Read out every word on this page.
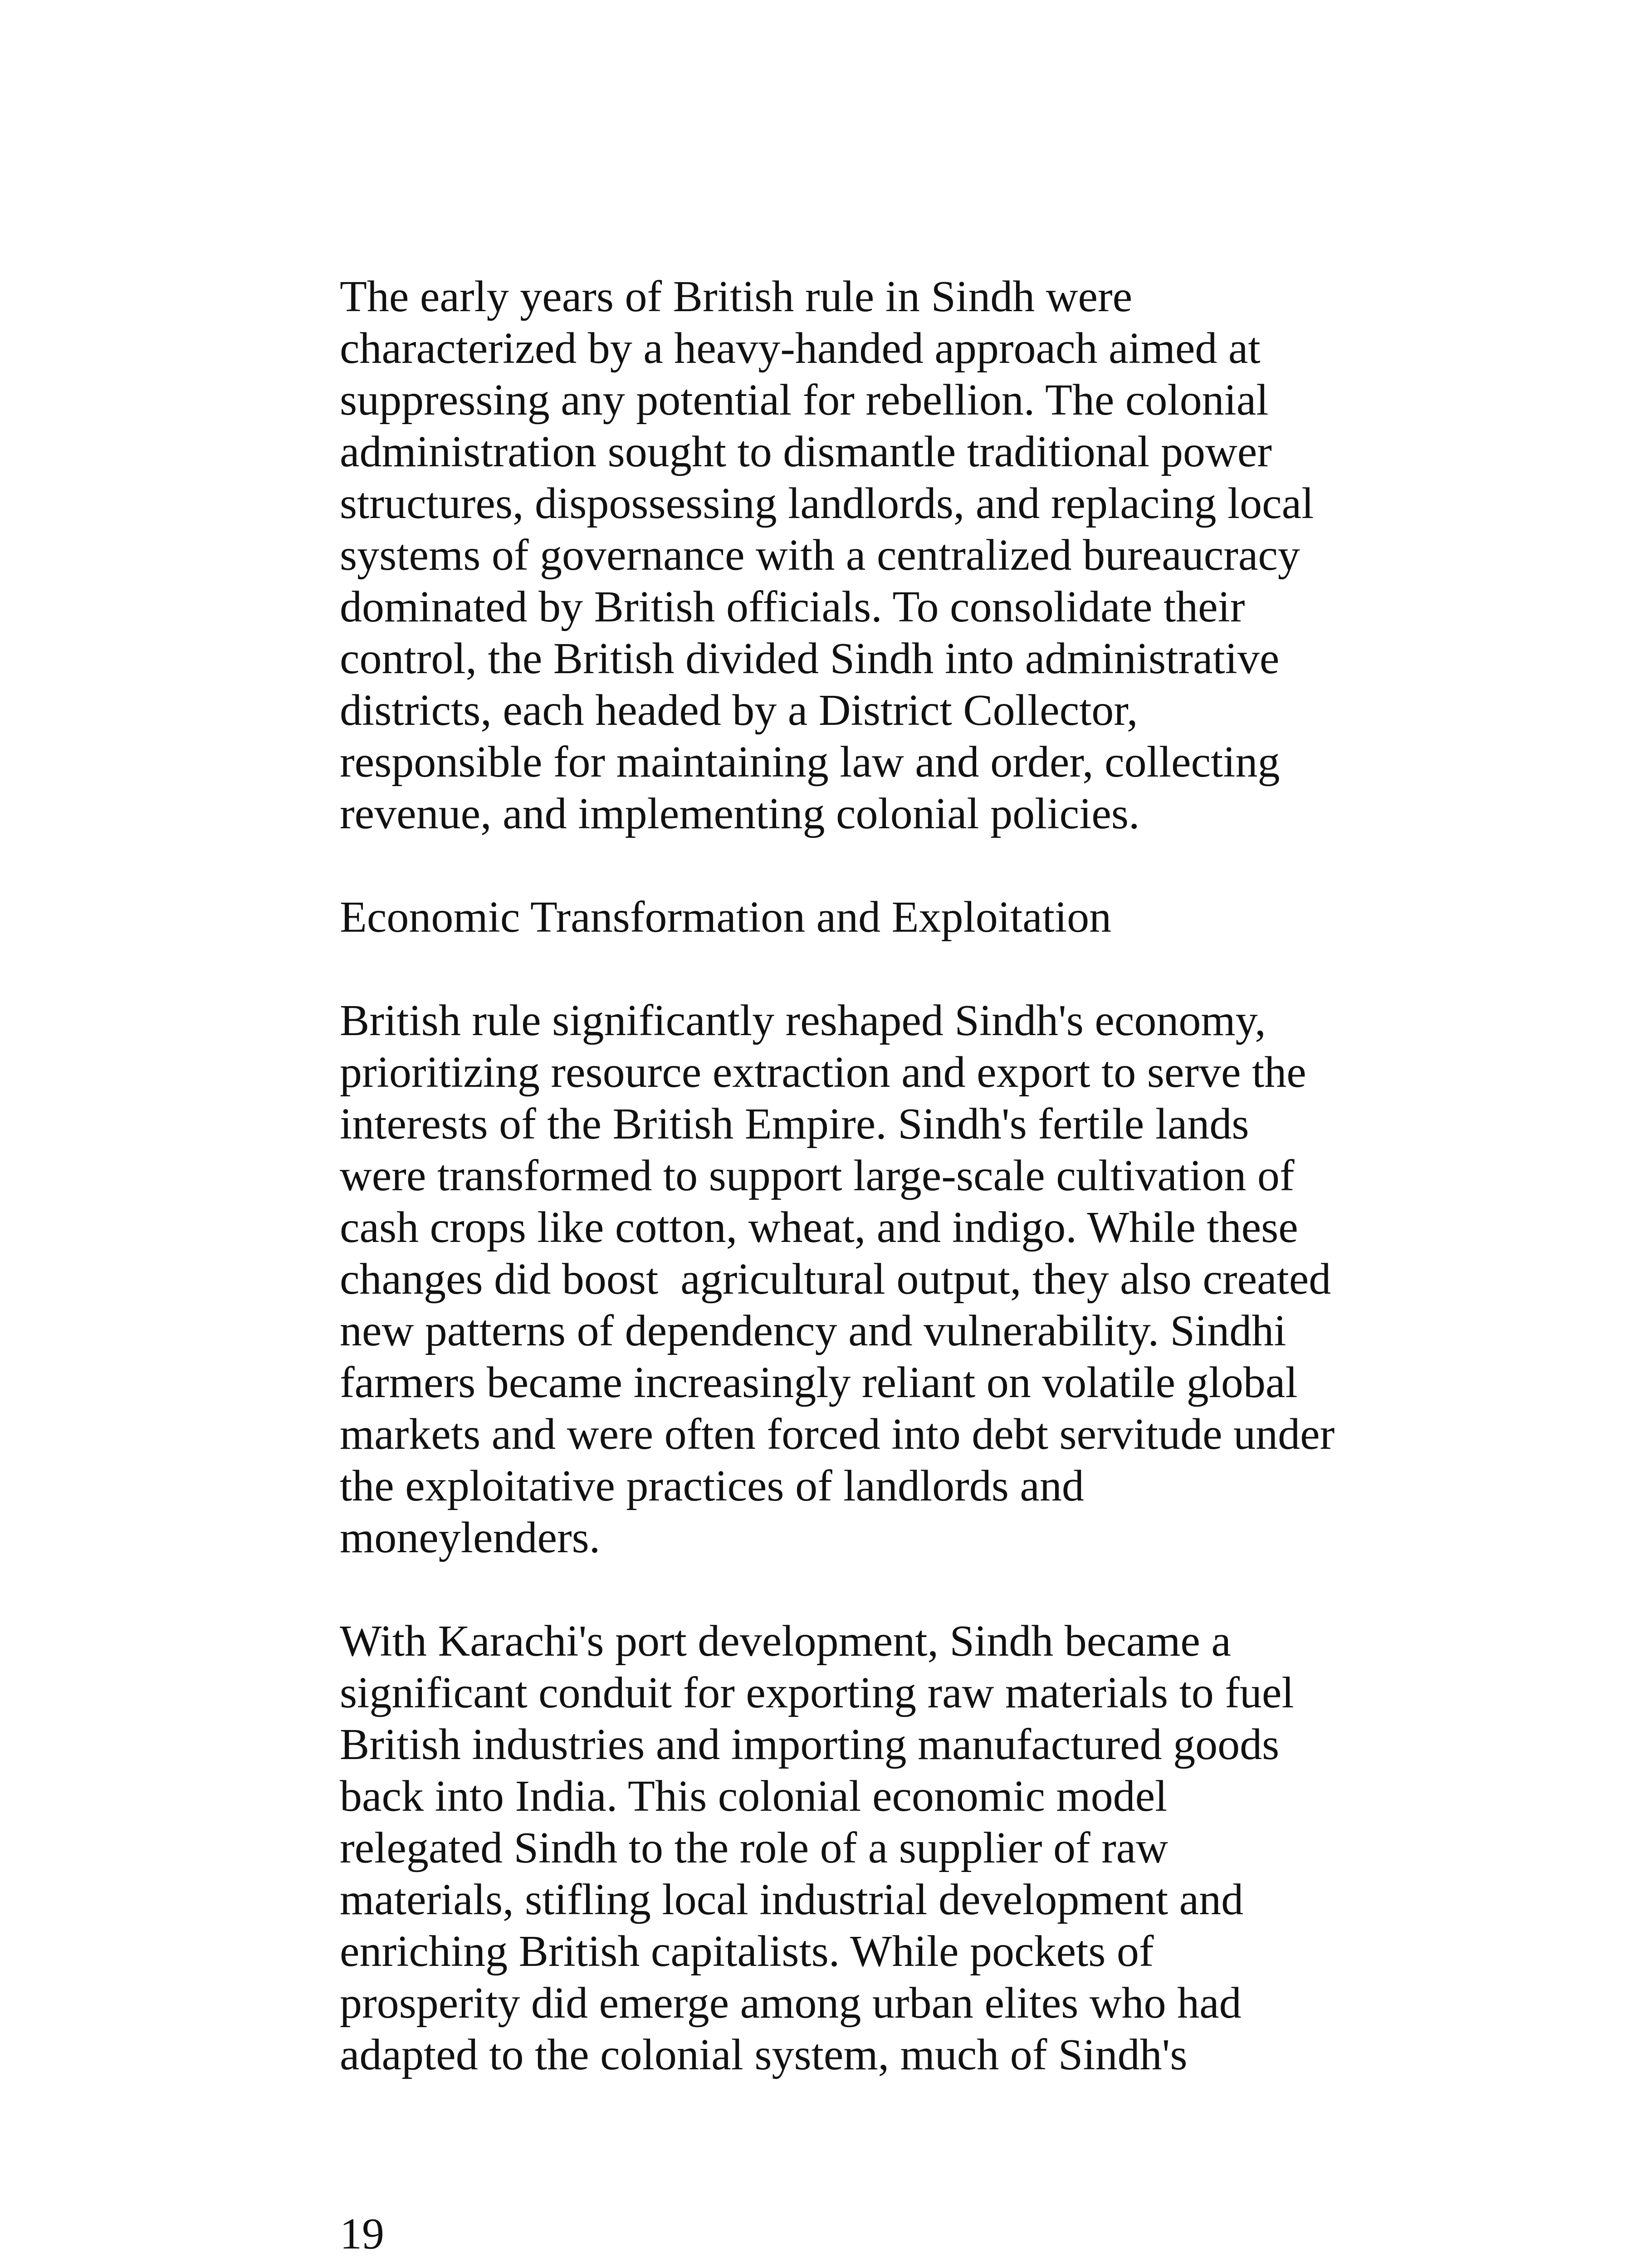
The early years of British rule in Sindh were
characterized by a heavy-handed approach aimed at
suppressing any potential for rebellion. The colonial
administration sought to dismantle traditional power
structures, dispossessing landlords, and replacing local
systems of governance with a centralized bureaucracy
dominated by British officials. To consolidate their
control, the British divided Sindh into administrative
districts, each headed by a District Collector,
responsible for maintaining law and order, collecting
revenue, and implementing colonial policies.
Economic Transformation and Exploitation
British rule significantly reshaped Sindh's economy,
prioritizing resource extraction and export to serve the
interests of the British Empire. Sindh's fertile lands
were transformed to support large-scale cultivation of
cash crops like cotton, wheat, and indigo. While these
changes did boost  agricultural output, they also created
new patterns of dependency and vulnerability. Sindhi
farmers became increasingly reliant on volatile global
markets and were often forced into debt servitude under
the exploitative practices of landlords and
moneylenders.
With Karachi's port development, Sindh became a
significant conduit for exporting raw materials to fuel
British industries and importing manufactured goods
back into India. This colonial economic model
relegated Sindh to the role of a supplier of raw
materials, stifling local industrial development and
enriching British capitalists. While pockets of
prosperity did emerge among urban elites who had
adapted to the colonial system, much of Sindh's
19
